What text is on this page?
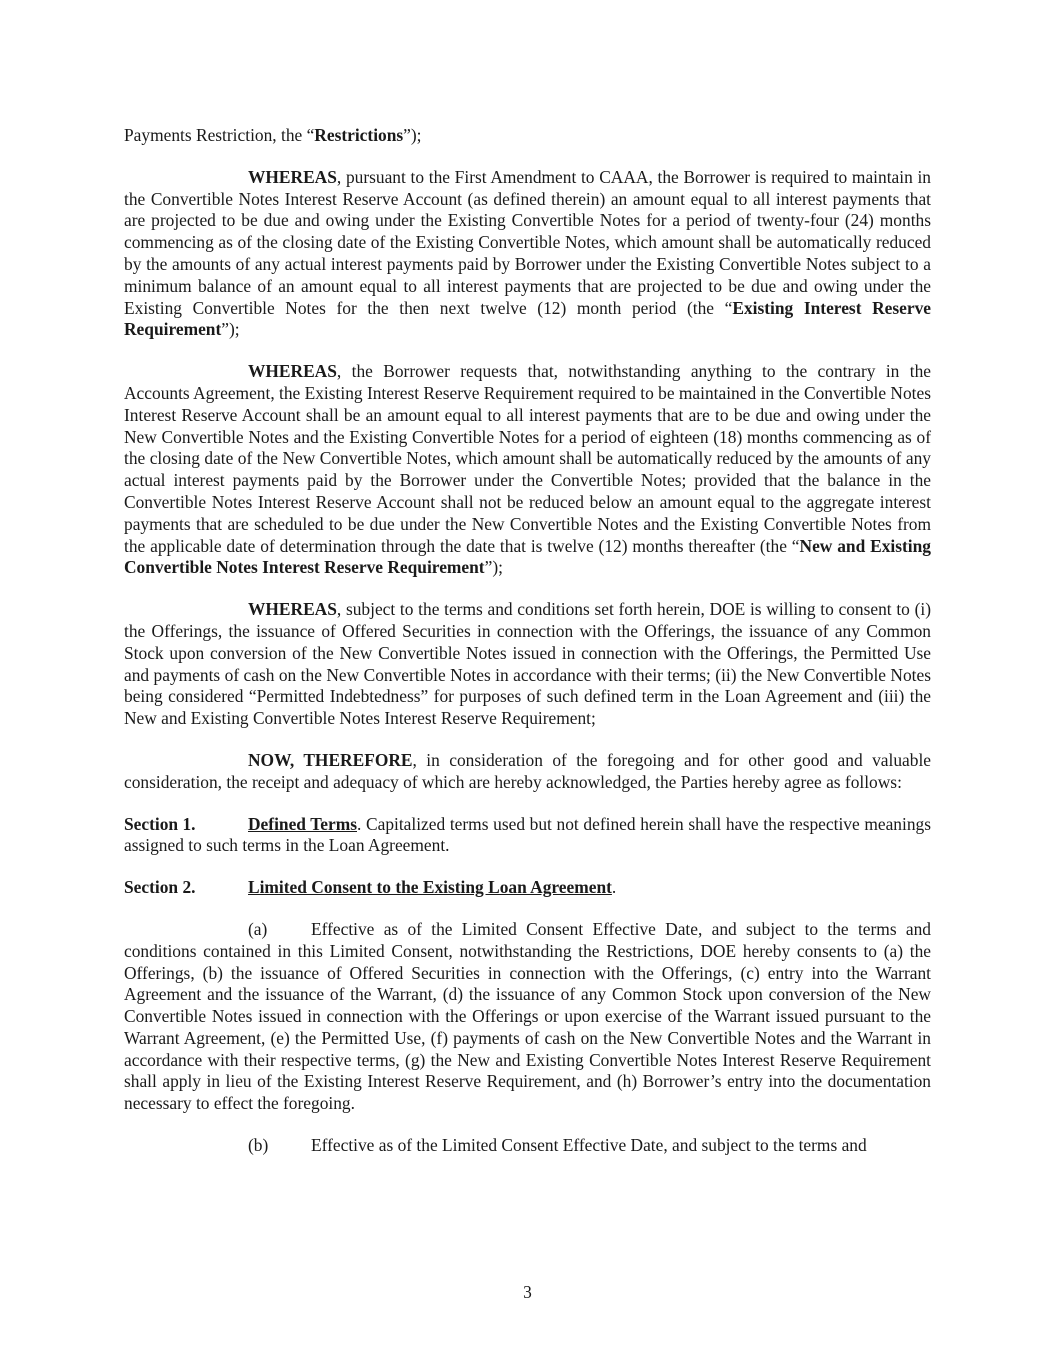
Payments Restriction, the “Restrictions”);

WHEREAS, pursuant to the First Amendment to CAAA, the Borrower is required to maintain in the Convertible Notes Interest Reserve Account (as defined therein) an amount equal to all interest payments that are projected to be due and owing under the Existing Convertible Notes for a period of twenty-four (24) months commencing as of the closing date of the Existing Convertible Notes, which amount shall be automatically reduced by the amounts of any actual interest payments paid by Borrower under the Existing Convertible Notes subject to a minimum balance of an amount equal to all interest payments that are projected to be due and owing under the Existing Convertible Notes for the then next twelve (12) month period (the “Existing Interest Reserve Requirement”);

WHEREAS, the Borrower requests that, notwithstanding anything to the contrary in the Accounts Agreement, the Existing Interest Reserve Requirement required to be maintained in the Convertible Notes Interest Reserve Account shall be an amount equal to all interest payments that are to be due and owing under the New Convertible Notes and the Existing Convertible Notes for a period of eighteen (18) months commencing as of the closing date of the New Convertible Notes, which amount shall be automatically reduced by the amounts of any actual interest payments paid by the Borrower under the Convertible Notes; provided that the balance in the Convertible Notes Interest Reserve Account shall not be reduced below an amount equal to the aggregate interest payments that are scheduled to be due under the New Convertible Notes and the Existing Convertible Notes from the applicable date of determination through the date that is twelve (12) months thereafter (the “New and Existing Convertible Notes Interest Reserve Requirement”);

WHEREAS, subject to the terms and conditions set forth herein, DOE is willing to consent to (i) the Offerings, the issuance of Offered Securities in connection with the Offerings, the issuance of any Common Stock upon conversion of the New Convertible Notes issued in connection with the Offerings, the Permitted Use and payments of cash on the New Convertible Notes in accordance with their terms; (ii) the New Convertible Notes being considered “Permitted Indebtedness” for purposes of such defined term in the Loan Agreement and (iii) the New and Existing Convertible Notes Interest Reserve Requirement;

NOW, THEREFORE, in consideration of the foregoing and for other good and valuable consideration, the receipt and adequacy of which are hereby acknowledged, the Parties hereby agree as follows:

Section 1.	Defined Terms. Capitalized terms used but not defined herein shall have the respective meanings assigned to such terms in the Loan Agreement.

Section 2.	Limited Consent to the Existing Loan Agreement.

(a)	Effective as of the Limited Consent Effective Date, and subject to the terms and conditions contained in this Limited Consent, notwithstanding the Restrictions, DOE hereby consents to (a) the Offerings, (b) the issuance of Offered Securities in connection with the Offerings, (c) entry into the Warrant Agreement and the issuance of the Warrant, (d) the issuance of any Common Stock upon conversion of the New Convertible Notes issued in connection with the Offerings or upon exercise of the Warrant issued pursuant to the Warrant Agreement, (e) the Permitted Use, (f) payments of cash on the New Convertible Notes and the Warrant in accordance with their respective terms, (g) the New and Existing Convertible Notes Interest Reserve Requirement shall apply in lieu of the Existing Interest Reserve Requirement, and (h) Borrower’s entry into the documentation necessary to effect the foregoing.

(b) Effective as of the Limited Consent Effective Date, and subject to the terms and

3
